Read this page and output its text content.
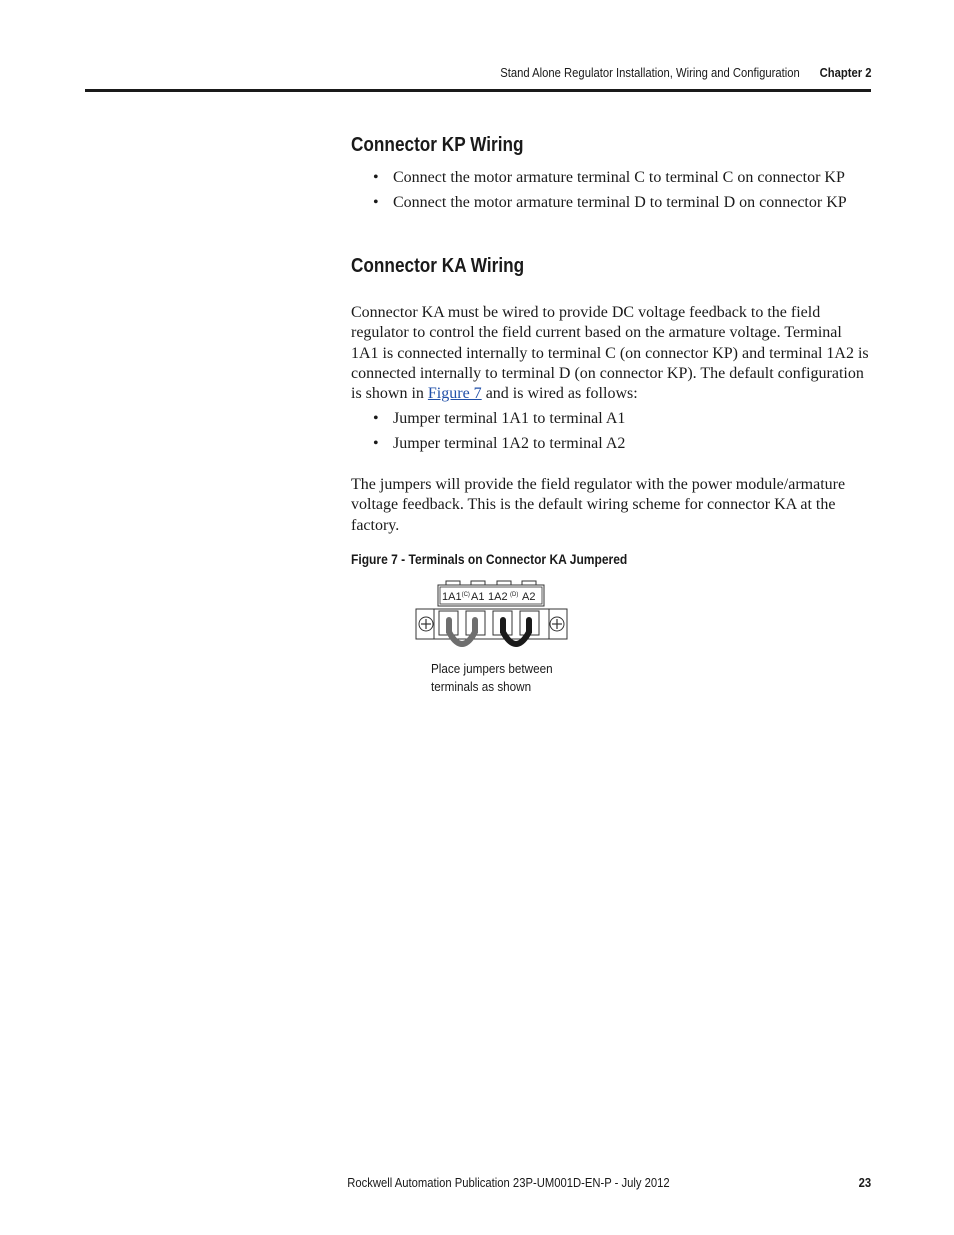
Stand Alone Regulator Installation, Wiring and Configuration Chapter 2
Connector KP Wiring
• Connect the motor armature terminal C to terminal C on connector KP
• Connect the motor armature terminal D to terminal D on connector KP
Connector KA Wiring

Connector KA must be wired to provide DC voltage feedback to the field regulator to control the field current based on the armature voltage. Terminal 1A1 is connected internally to terminal C (on connector KP) and terminal 1A2 is connected internally to terminal D (on connector KP). The default configuration is shown in Figure 7 and is wired as follows:

• Jumper terminal 1A1 to terminal A1
• Jumper terminal 1A2 to terminal A2

The jumpers will provide the field regulator with the power module/armature voltage feedback. This is the default wiring scheme for connector KA at the factory.

Figure 7 - Terminals on Connector KA Jumpered

$1A1^{(C)}$ A1 1A2 (D) A2

Place jumpers between
terminals as shown

Rockwell Automation Publication 23P-UM001D-EN-P - July 2012	23
